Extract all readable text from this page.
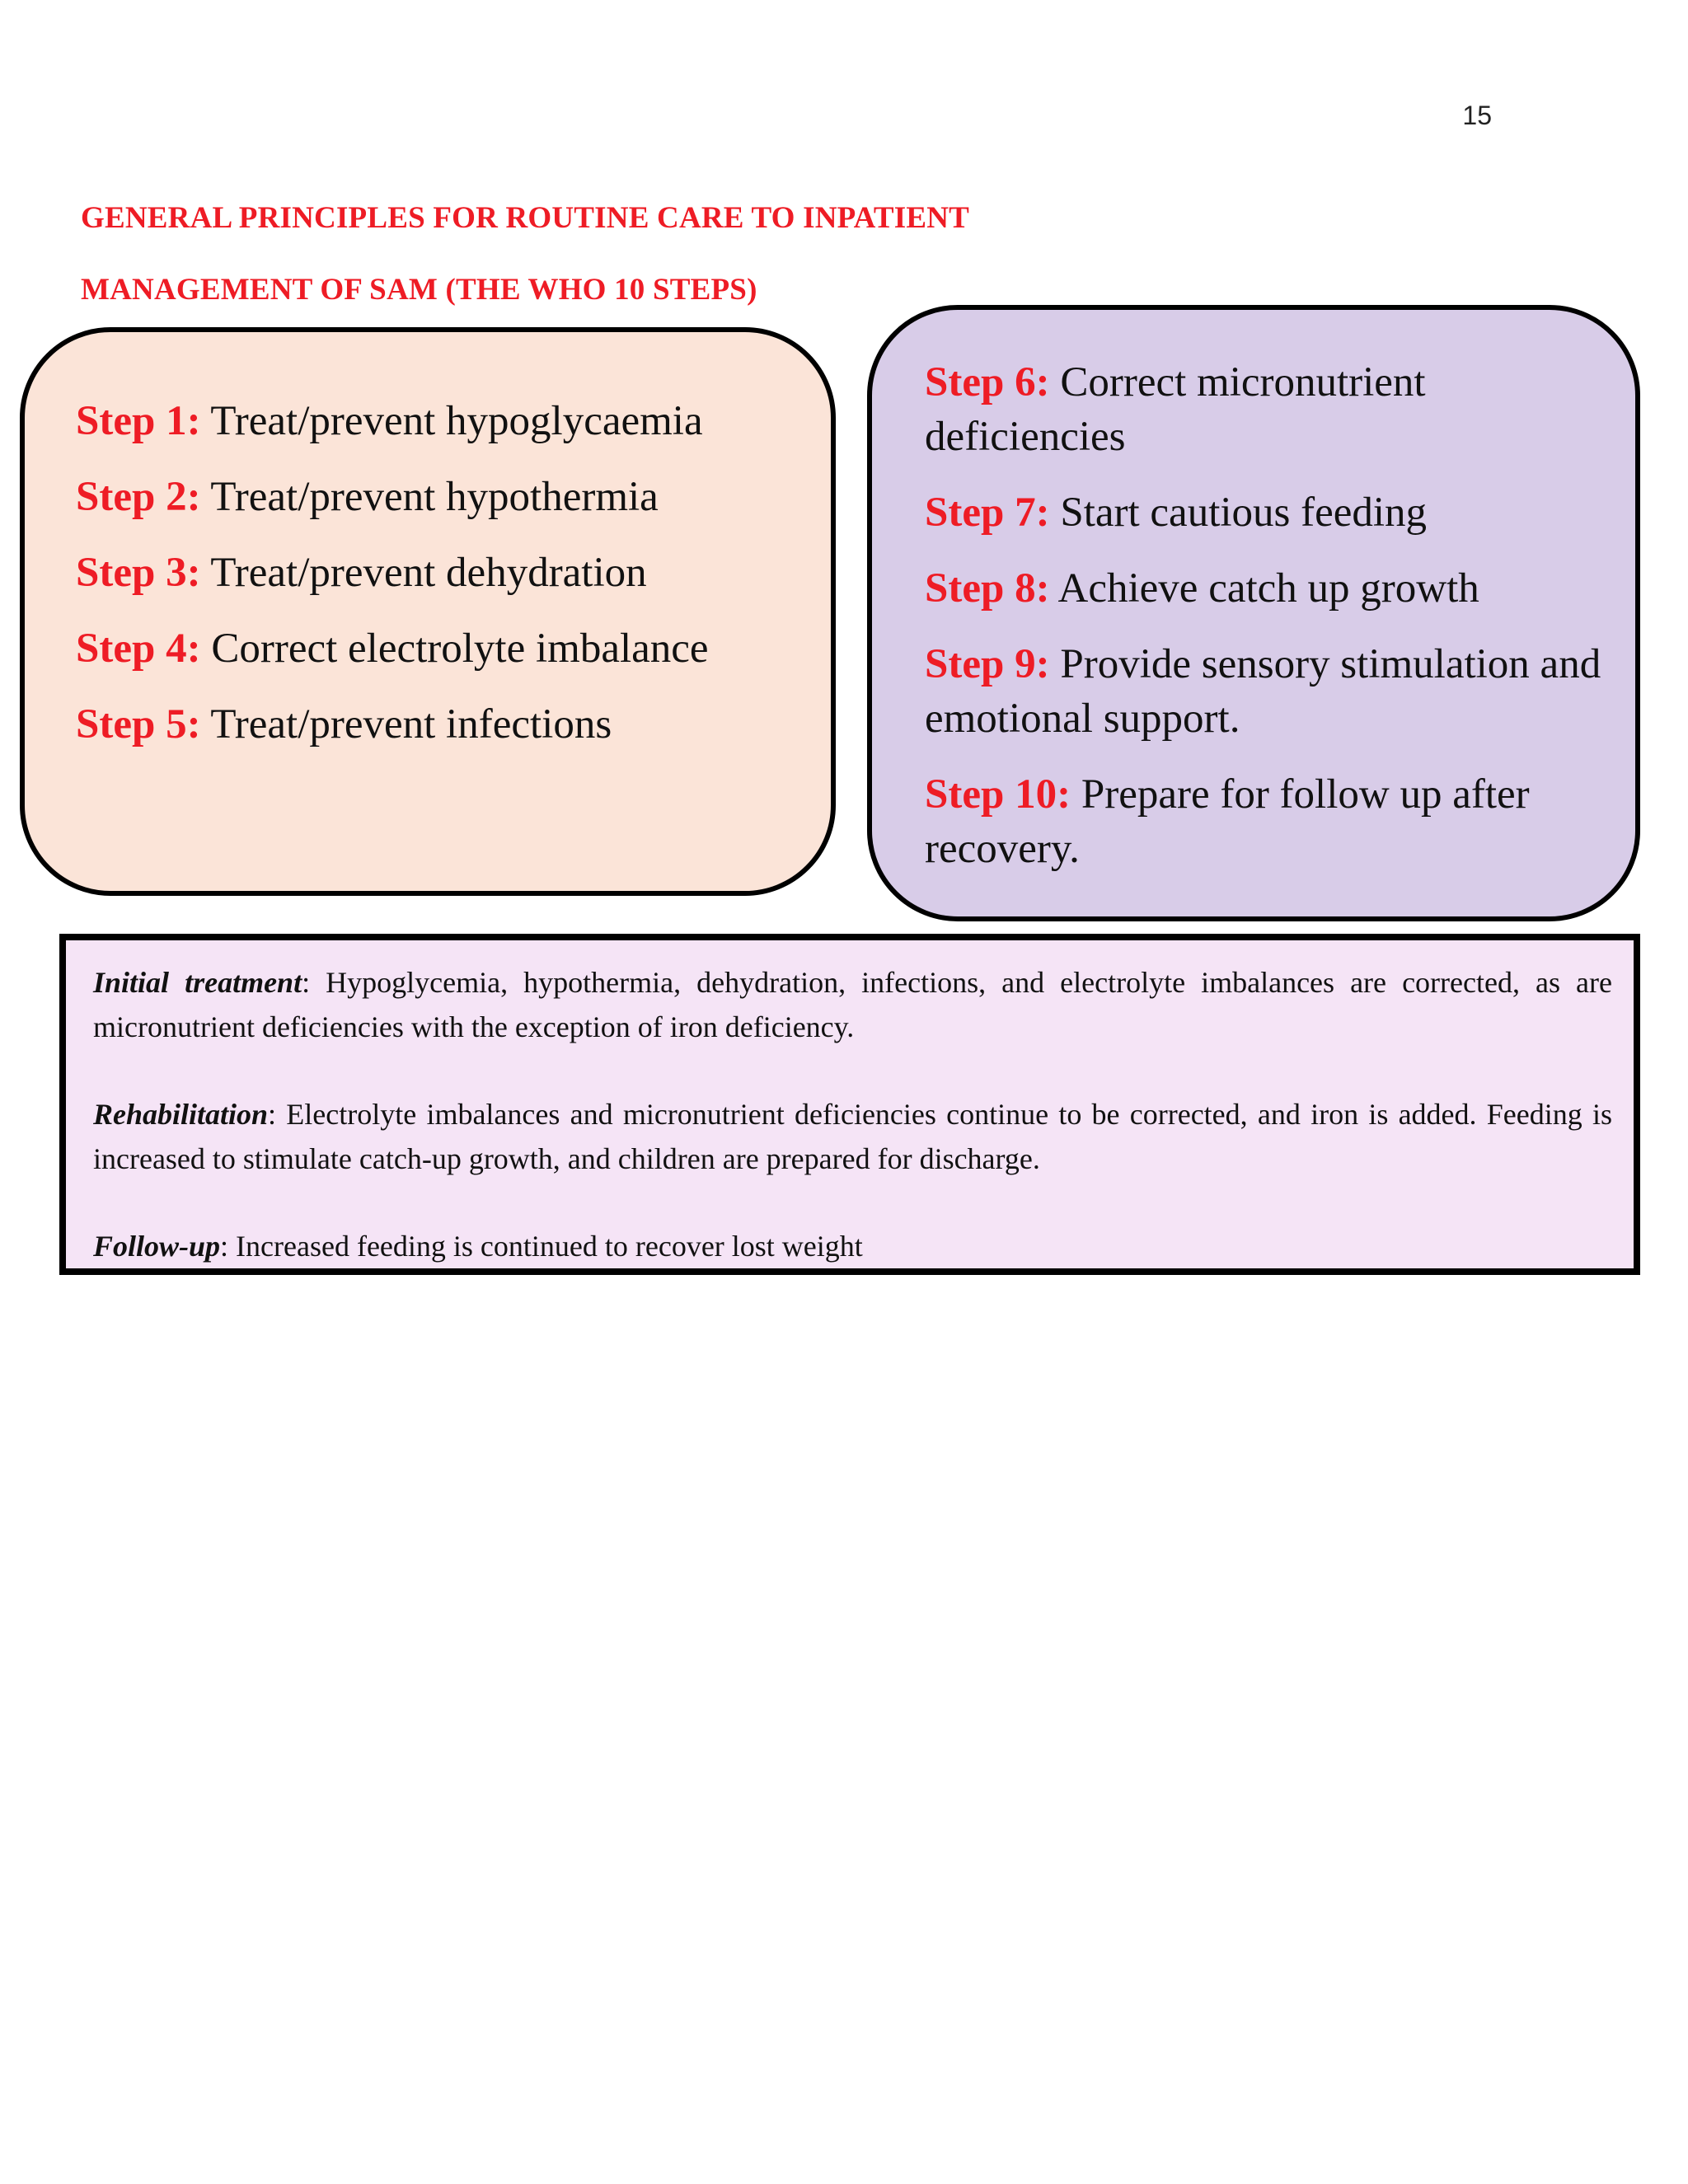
15
GENERAL PRINCIPLES FOR ROUTINE CARE TO INPATIENT
MANAGEMENT OF SAM (THE WHO 10 STEPS)

Step 1: Treat/prevent hypoglycaemia

Step 2: Treat/prevent hypothermia

Step 3: Treat/prevent dehydration

Step 4: Correct electrolyte imbalance

Step 5: Treat/prevent infections

Step 6: Correct micronutrient deficiencies

Step 7: Start cautious feeding

Step 8: Achieve catch up growth

Step 9: Provide sensory stimulation and emotional support.

Step 10: Prepare for follow up after recovery.

Initial treatment: Hypoglycemia, hypothermia, dehydration, infections, and electrolyte imbalances are corrected, as are micronutrient deficiencies with the exception of iron deficiency.

Rehabilitation: Electrolyte imbalances and micronutrient deficiencies continue to be corrected, and iron is added. Feeding is increased to stimulate catch-up growth, and children are prepared for discharge.

Follow-up: Increased feeding is continued to recover lost weight
